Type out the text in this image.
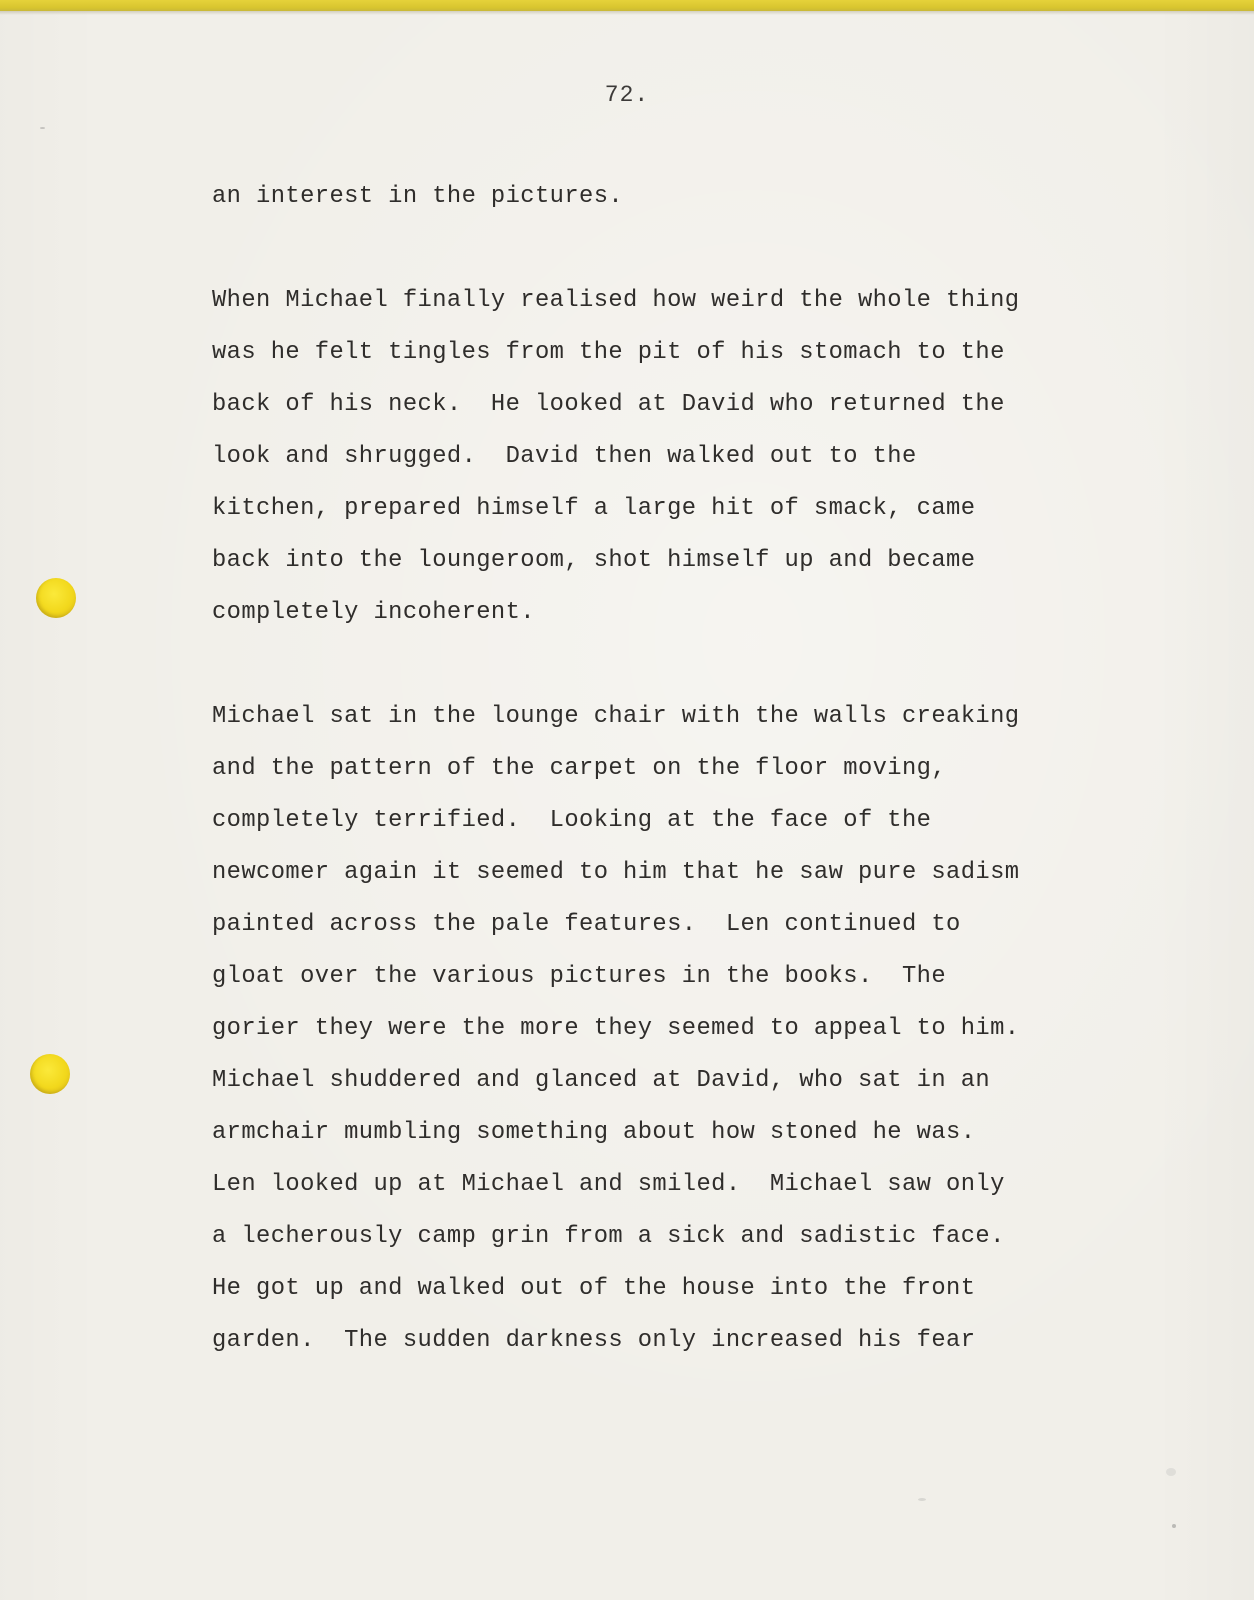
72.

an interest in the pictures.

When Michael finally realised how weird the whole thing

was he felt tingles from the pit of his stomach to the

back of his neck.  He looked at David who returned the

look and shrugged.  David then walked out to the

kitchen, prepared himself a large hit of smack, came

back into the loungeroom, shot himself up and became

completely incoherent.

Michael sat in the lounge chair with the walls creaking

and the pattern of the carpet on the floor moving,

completely terrified.  Looking at the face of the

newcomer again it seemed to him that he saw pure sadism

painted across the pale features.  Len continued to

gloat over the various pictures in the books.  The

gorier they were the more they seemed to appeal to him.

Michael shuddered and glanced at David, who sat in an

armchair mumbling something about how stoned he was.

Len looked up at Michael and smiled.  Michael saw only

a lecherously camp grin from a sick and sadistic face.

He got up and walked out of the house into the front

garden.  The sudden darkness only increased his fear
